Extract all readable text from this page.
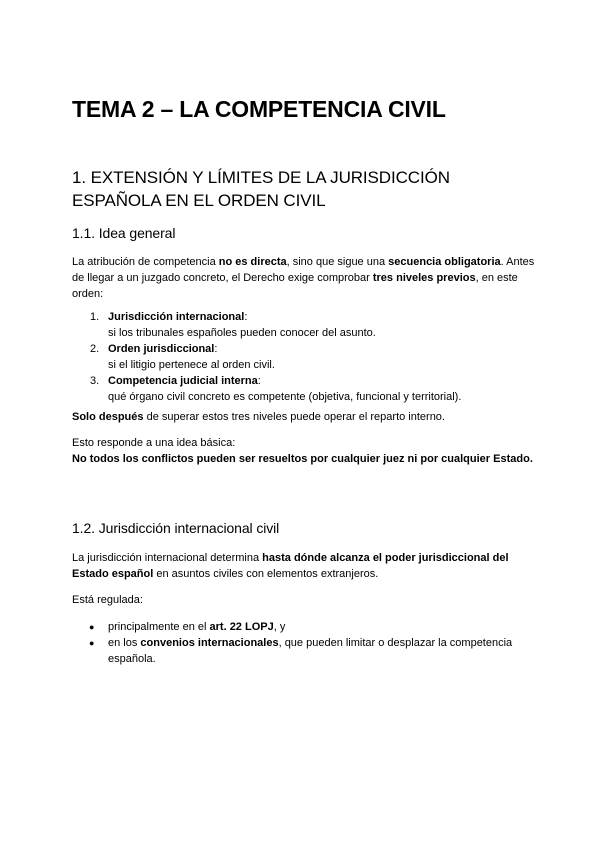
TEMA 2 – LA COMPETENCIA CIVIL
1. EXTENSIÓN Y LÍMITES DE LA JURISDICCIÓN ESPAÑOLA EN EL ORDEN CIVIL
1.1. Idea general
La atribución de competencia no es directa, sino que sigue una secuencia obligatoria. Antes de llegar a un juzgado concreto, el Derecho exige comprobar tres niveles previos, en este orden:
1. Jurisdicción internacional:
si los tribunales españoles pueden conocer del asunto.
2. Orden jurisdiccional:
si el litigio pertenece al orden civil.
3. Competencia judicial interna:
qué órgano civil concreto es competente (objetiva, funcional y territorial).
Solo después de superar estos tres niveles puede operar el reparto interno.
Esto responde a una idea básica:
No todos los conflictos pueden ser resueltos por cualquier juez ni por cualquier Estado.
1.2. Jurisdicción internacional civil
La jurisdicción internacional determina hasta dónde alcanza el poder jurisdiccional del Estado español en asuntos civiles con elementos extranjeros.
Está regulada:
● principalmente en el art. 22 LOPJ, y
● en los convenios internacionales, que pueden limitar o desplazar la competencia española.
